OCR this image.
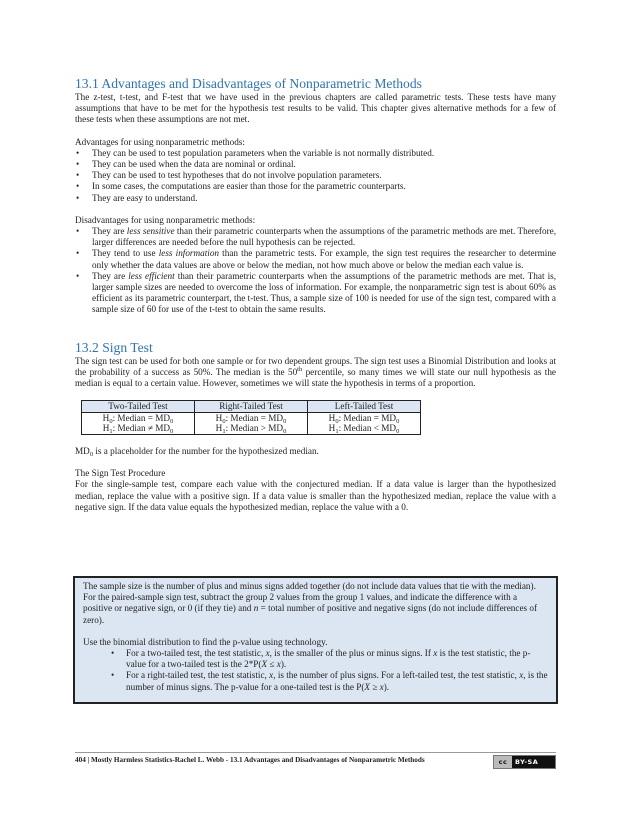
13.1 Advantages and Disadvantages of Nonparametric Methods

The z-test, t-test, and F-test that we have used in the previous chapters are called parametric tests. These tests have many assumptions that have to be met for the hypothesis test results to be valid. This chapter gives alternative methods for a few of these tests when these assumptions are not met.

Advantages for using nonparametric methods:

• They can be used to test population parameters when the variable is not normally distributed.
• They can be used when the data are nominal or ordinal.
• They can be used to test hypotheses that do not involve population parameters.
• In some cases, the computations are easier than those for the parametric counterparts.
• They are easy to understand.

Disadvantages for using nonparametric methods:

• They are less sensitive than their parametric counterparts when the assumptions of the parametric methods are met. Therefore, larger differences are needed before the null hypothesis can be rejected.
• They tend to use less information than the parametric tests. For example, the sign test requires the researcher to determine only whether the data values are above or below the median, not how much above or below the median each value is.
• They are less efficient than their parametric counterparts when the assumptions of the parametric methods are met. That is, larger sample sizes are needed to overcome the loss of information. For example, the nonparametric sign test is about 60% as efficient as its parametric counterpart, the t-test. Thus, a sample size of 100 is needed for use of the sign test, compared with a sample size of 60 for use of the t-test to obtain the same results.
13.2 Sign Test

The sign test can be used for both one sample or for two dependent groups. The sign test uses a Binomial Distribution and looks at the probability of a success as 50%. The median is the 50th percentile, so many times we will state our null hypothesis as the median is equal to a certain value. However, sometimes we will state the hypothesis in terms of a proportion.

Two-Tailed Test	Right-Tailed Test	Left-Tailed Test
$H_0$: Median = $MD_0$	$H_0$: Median = $MD_0$	$H_0$: Median = $MD_0$
$H_1$: Median ≠ $MD_0$	$H_1$: Median > $MD_0$	$H_1$: Median < $MD_0$

$MD_0$ is a placeholder for the number for the hypothesized median.

The Sign Test Procedure

For the single-sample test, compare each value with the conjectured median. If a data value is larger than the hypothesized median, replace the value with a positive sign. If a data value is smaller than the hypothesized median, replace the value with a negative sign. If the data value equals the hypothesized median, replace the value with a 0.

The sample size is the number of plus and minus signs added together (do not include data values that tie with the median). For the paired-sample sign test, subtract the group 2 values from the group 1 values, and indicate the difference with a positive or negative sign, or 0 (if they tie) and n = total number of positive and negative signs (do not include differences of zero).

Use the binomial distribution to find the p-value using technology.

• For a two-tailed test, the test statistic, x, is the smaller of the plus or minus signs. If x is the test statistic, the p-value for a two-tailed test is the 2*P(X ≤ x).
• For a right-tailed test, the test statistic, x, is the number of plus signs. For a left-tailed test, the test statistic, x, is the number of minus signs. The p-value for a one-tailed test is the P(X ≥ x).
404 | Mostly Harmless Statistics-Rachel L. Webb - 13.1 Advantages and Disadvantages of Nonparametric Methods	cc BY-SA
